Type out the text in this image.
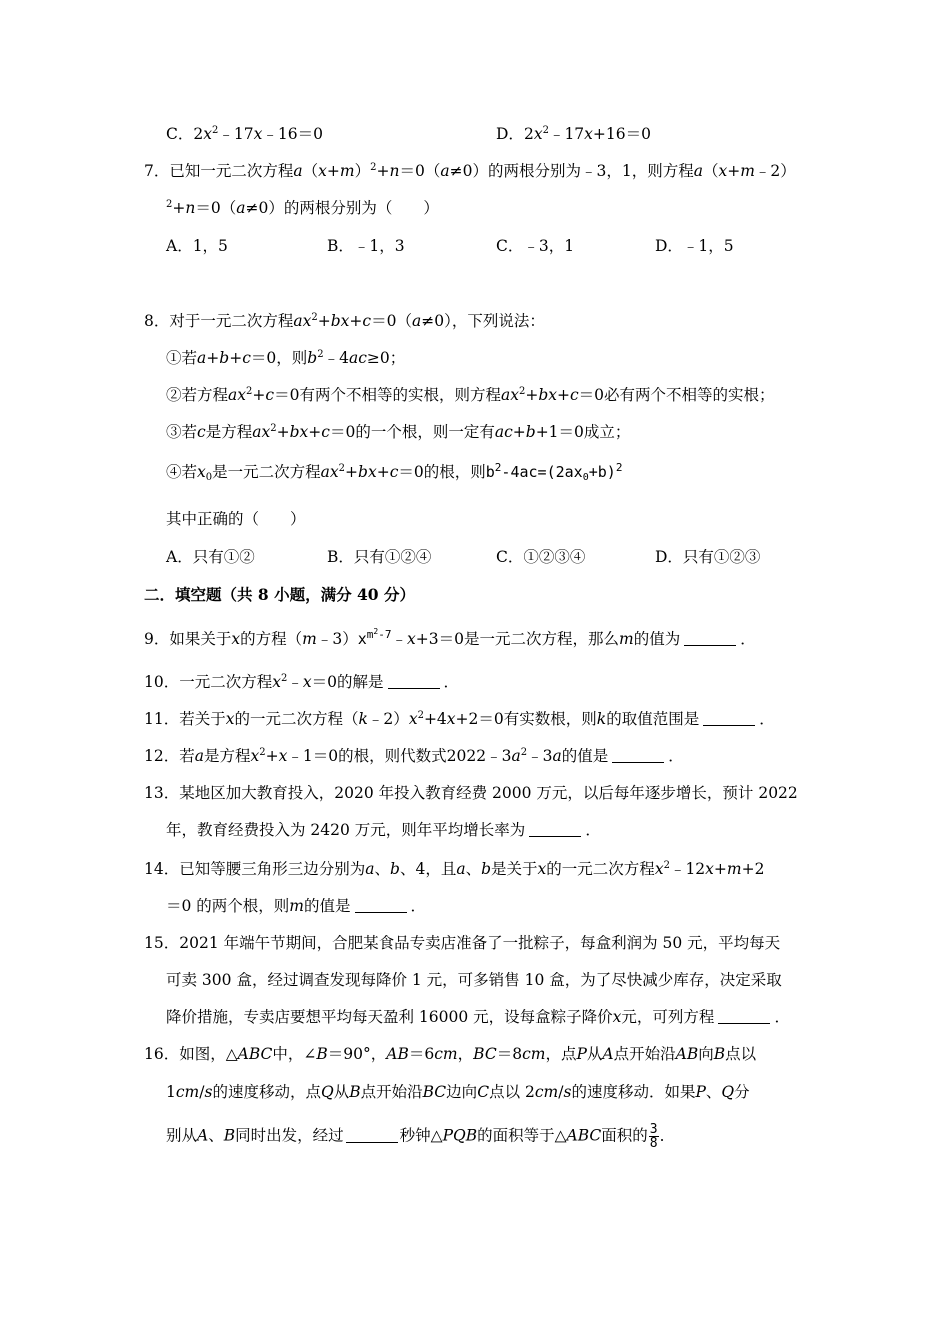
C．$2x^2﹣17x﹣16=0$	D．$2x^2﹣17x+16=0$
7．已知一元二次方程$a(x+m)^2+n=0(a\ne 0)$的两根分别为﹣3，1，则方程a（x+m﹣2）
$^2$+n＝0（a≠0）的两根分别为（　　）
A．1，5	B．﹣1，3	C．﹣3，1	D．﹣1，5
8．对于一元二次方程$ax^2+bx+c=0(a\ne 0)$，下列说法：
①若a+b+c＝0，则$b^2﹣4ac\ge 0$；
②若方程$ax^2+c=0$有两个不相等的实根，则方程$ax^2+bx+c=0$必有两个不相等的实根；
③若c是方程$ax^2+bx+c=0$的一个根，则一定有ac+b+1＝0成立；
④若$x_0$是一元二次方程$ax^2+bx+c=0$的根，则$b^2-4ac=(2ax_0+b)^2$
其中正确的（　　）
A．只有①②	B．只有①②④	C．①②③④	D．只有①②③
二．填空题（共 8 小题，满分 40 分）
9．如果关于x的方程$(m﹣3)x^{m^2-7}﹣x+3=0$是一元二次方程，那么m的值为	．
10．一元二次方程$x^2﹣x=0$的解是	．
11．若关于x的一元二次方程$(k﹣2)x^2+4x+2=0$有实数根，则k的取值范围是	．
12．若a是方程$x^2+x﹣1=0$的根，则代数式$2022﹣3a^2﹣3a$的值是	．
13．某地区加大教育投入，2020 年投入教育经费 2000 万元，以后每年逐步增长，预计 2022
年，教育经费投入为 2420 万元，则年平均增长率为	．
14．已知等腰三角形三边分别为a、b、4，且a、b是关于x的一元二次方程$x^2﹣12x+m+2$
＝0 的两个根，则m的值是	．
15．2021 年端午节期间，合肥某食品专卖店准备了一批粽子，每盒利润为 50 元，平均每天
可卖 300 盒，经过调查发现每降价 1 元，可多销售 10 盒，为了尽快减少库存，决定采取
降价措施，专卖店要想平均每天盈利 16000 元，设每盒粽子降价x元，可列方程	．
16．如图，△ABC中，∠B＝90°，AB＝6cm，BC＝8cm，点P从A点开始沿AB向B点以
1cm/s的速度移动，点Q从B点开始沿BC边向C点以 2cm/s的速度移动．如果P、Q分
别从A、B同时出发，经过	秒钟△PQB的面积等于△ABC面积的 $\frac{3}{8}$ ．
